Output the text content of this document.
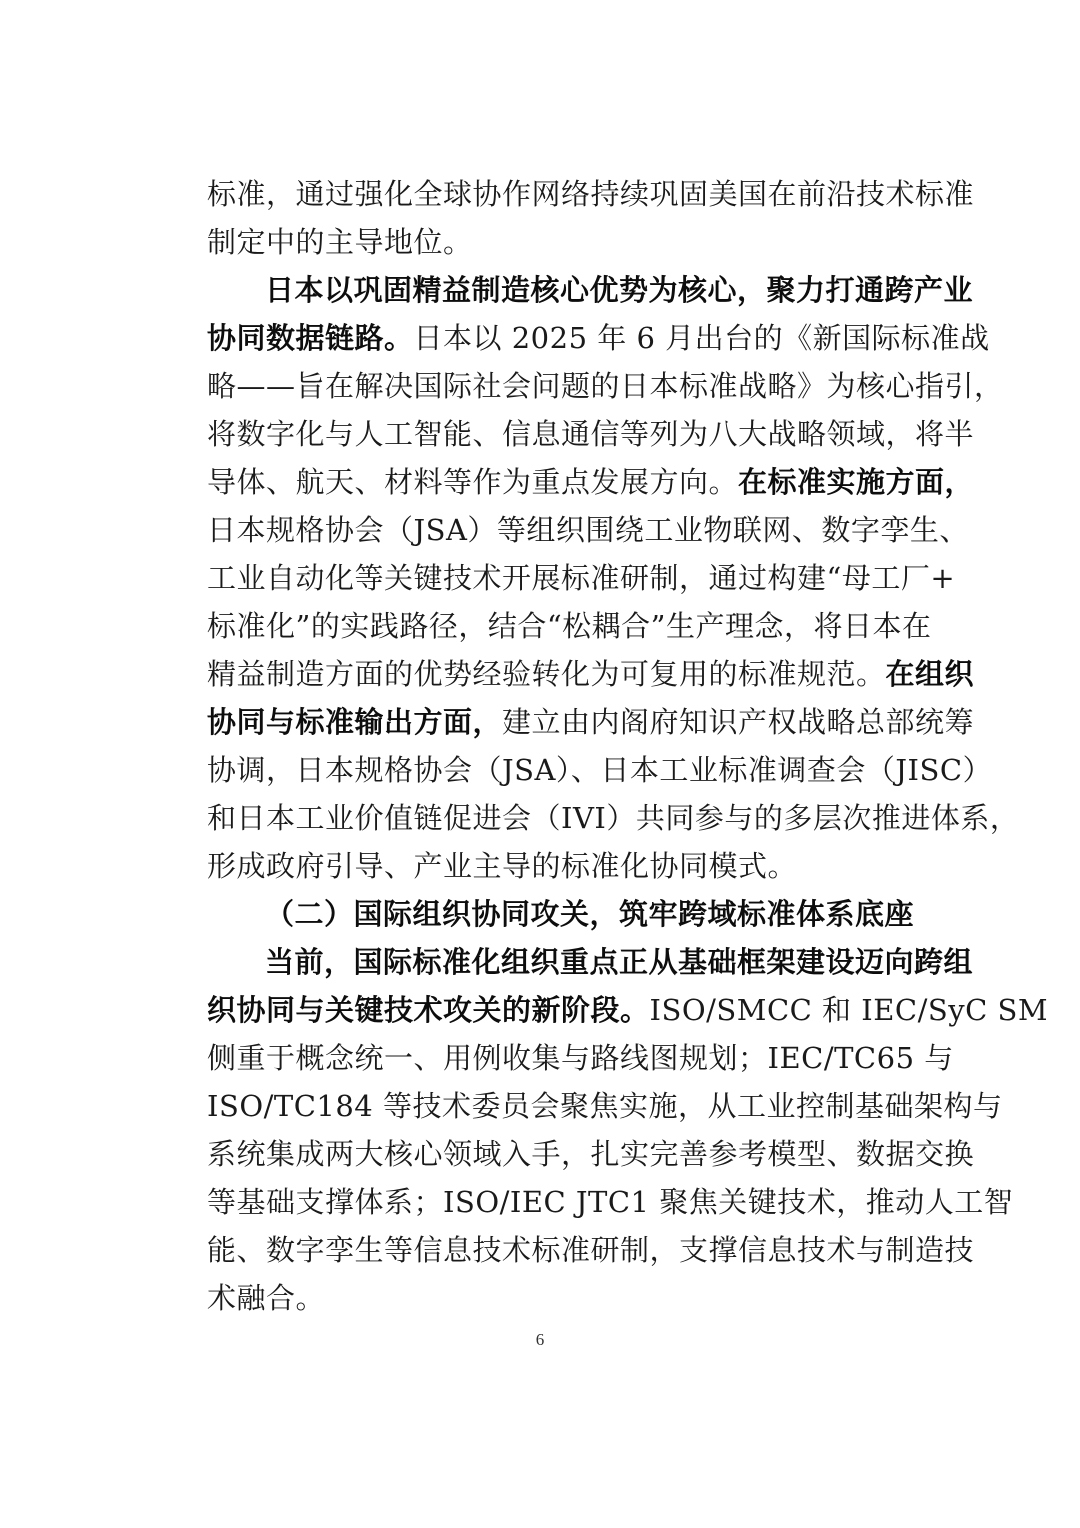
标准，通过强化全球协作网络持续巩固美国在前沿技术标准
制定中的主导地位。
日本以巩固精益制造核心优势为核心，聚力打通跨产业
协同数据链路。日本以 2025 年 6 月出台的《新国际标准战
略——旨在解决国际社会问题的日本标准战略》为核心指引，
将数字化与人工智能、信息通信等列为八大战略领域，将半
导体、航天、材料等作为重点发展方向。在标准实施方面，
日本规格协会（JSA）等组织围绕工业物联网、数字孪生、
工业自动化等关键技术开展标准研制，通过构建“母工厂+
标准化”的实践路径，结合“松耦合”生产理念，将日本在
精益制造方面的优势经验转化为可复用的标准规范。在组织
协同与标准输出方面，建立由内阁府知识产权战略总部统筹
协调，日本规格协会（JSA）、日本工业标准调查会（JISC）
和日本工业价值链促进会（IVI）共同参与的多层次推进体系，
形成政府引导、产业主导的标准化协同模式。
（二）国际组织协同攻关，筑牢跨域标准体系底座
当前，国际标准化组织重点正从基础框架建设迈向跨组
织协同与关键技术攻关的新阶段。ISO/SMCC 和 IEC/SyC SM
侧重于概念统一、用例收集与路线图规划；IEC/TC65 与
ISO/TC184 等技术委员会聚焦实施，从工业控制基础架构与
系统集成两大核心领域入手，扎实完善参考模型、数据交换
等基础支撑体系；ISO/IEC JTC1 聚焦关键技术，推动人工智
能、数字孪生等信息技术标准研制，支撑信息技术与制造技
术融合。
6
